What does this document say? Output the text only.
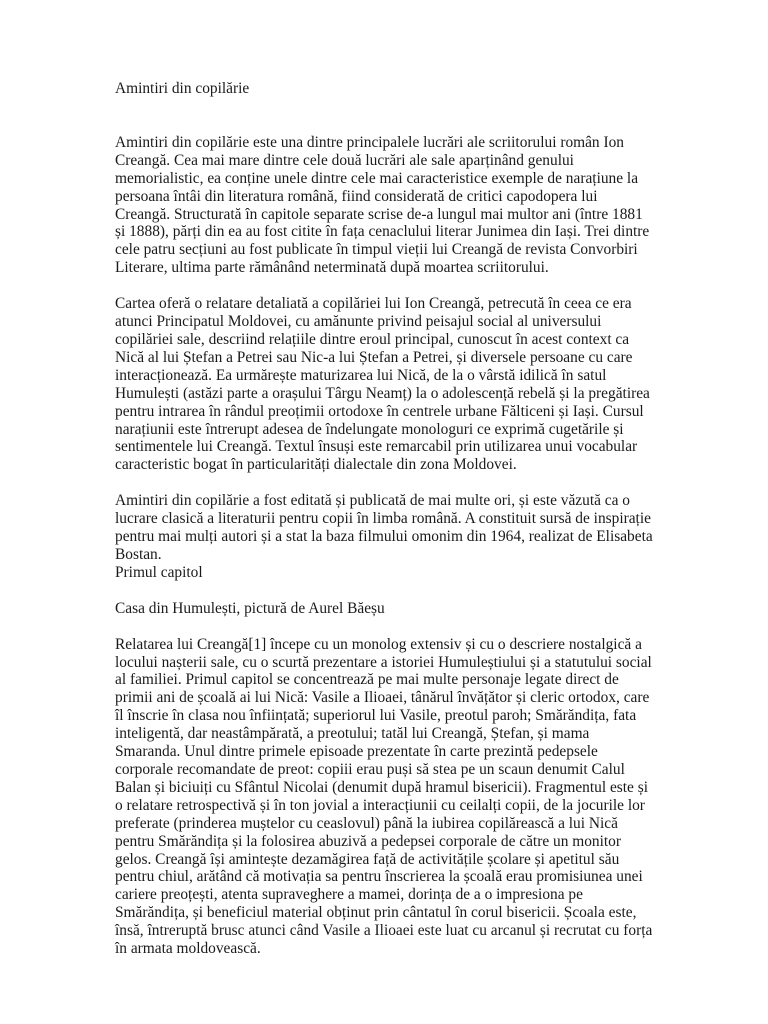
Amintiri din copilărie

Amintiri din copilărie este una dintre principalele lucrări ale scriitorului român Ion Creangă. Cea mai mare dintre cele două lucrări ale sale aparținând genului memorialistic, ea conține unele dintre cele mai caracteristice exemple de narațiune la persoana întâi din literatura română, fiind considerată de critici capodopera lui Creangă. Structurată în capitole separate scrise de-a lungul mai multor ani (între 1881 și 1888), părți din ea au fost citite în fața cenaclului literar Junimea din Iași. Trei dintre cele patru secțiuni au fost publicate în timpul vieții lui Creangă de revista Convorbiri Literare, ultima parte rămânând neterminată după moartea scriitorului.

Cartea oferă o relatare detaliată a copilăriei lui Ion Creangă, petrecută în ceea ce era atunci Principatul Moldovei, cu amănunte privind peisajul social al universului copilăriei sale, descriind relațiile dintre eroul principal, cunoscut în acest context ca Nică al lui Ștefan a Petrei sau Nic-a lui Ștefan a Petrei, și diversele persoane cu care interacționează. Ea urmărește maturizarea lui Nică, de la o vârstă idilică în satul Humulești (astăzi parte a orașului Târgu Neamț) la o adolescență rebelă și la pregătirea pentru intrarea în rândul preoțimii ortodoxe în centrele urbane Fălticeni și Iași. Cursul narațiunii este întrerupt adesea de îndelungate monologuri ce exprimă cugetările și sentimentele lui Creangă. Textul însuși este remarcabil prin utilizarea unui vocabular caracteristic bogat în particularități dialectale din zona Moldovei.

Amintiri din copilărie a fost editată și publicată de mai multe ori, și este văzută ca o lucrare clasică a literaturii pentru copii în limba română. A constituit sursă de inspirație pentru mai mulți autori și a stat la baza filmului omonim din 1964, realizat de Elisabeta Bostan.

Primul capitol
Casa din Humulești, pictură de Aurel Băeșu

Relatarea lui Creangă[1] începe cu un monolog extensiv și cu o descriere nostalgică a locului nașterii sale, cu o scurtă prezentare a istoriei Humuleștiului și a statutului social al familiei. Primul capitol se concentrează pe mai multe personaje legate direct de primii ani de școală ai lui Nică: Vasile a Ilioaei, tânărul învățător și cleric ortodox, care îl înscrie în clasa nou înființată; superiorul lui Vasile, preotul paroh; Smărăndița, fata inteligentă, dar neastâmpărată, a preotului; tatăl lui Creangă, Ștefan, și mama Smaranda. Unul dintre primele episoade prezentate în carte prezintă pedepsele corporale recomandate de preot: copiii erau puși să stea pe un scaun denumit Calul Balan și biciuiți cu Sfântul Nicolai (denumit după hramul bisericii). Fragmentul este și o relatare retrospectivă și în ton jovial a interacțiunii cu ceilalți copii, de la jocurile lor preferate (prinderea muștelor cu ceaslovul) până la iubirea copilărească a lui Nică pentru Smărăndița și la folosirea abuzivă a pedepsei corporale de către un monitor gelos. Creangă își amintește dezamăgirea față de activitățile școlare și apetitul său pentru chiul, arătând că motivația sa pentru înscrierea la școală erau promisiunea unei cariere preoțești, atenta supraveghere a mamei, dorința de a o impresiona pe Smărăndița, și beneficiul material obținut prin cântatul în corul bisericii. Școala este, însă, întreruptă brusc atunci când Vasile a Ilioaei este luat cu arcanul și recrutat cu forța în armata moldovească.
